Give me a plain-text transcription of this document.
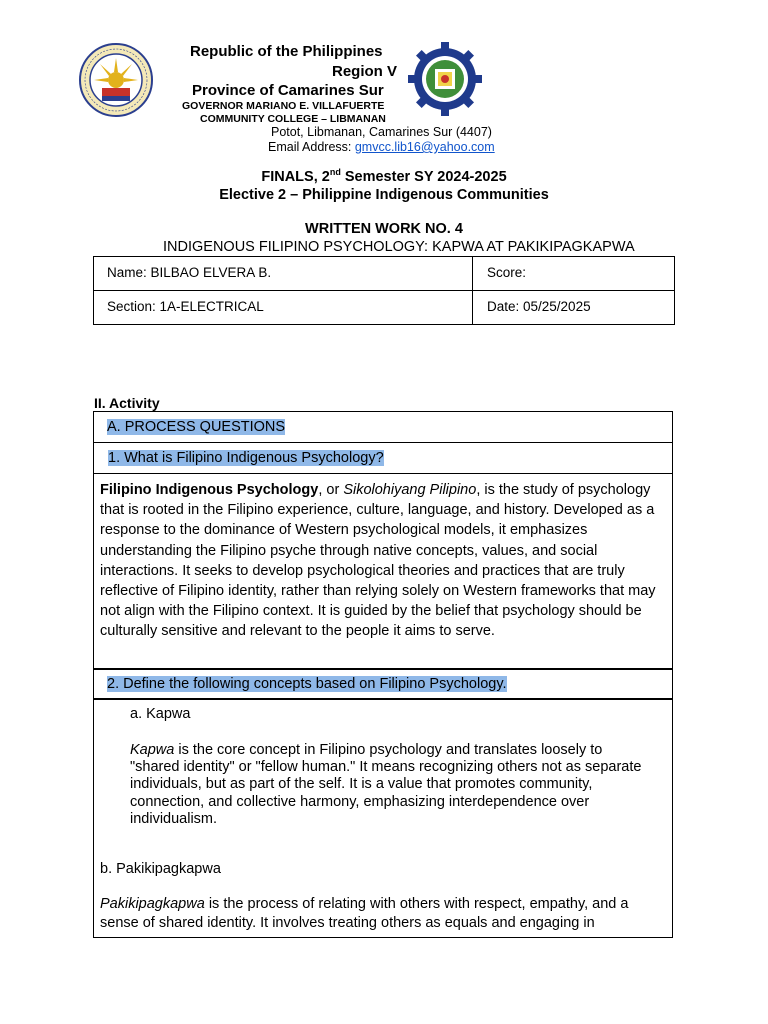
Republic of the Philippines
Region V
Province of Camarines Sur
GOVERNOR MARIANO E. VILLAFUERTE
COMMUNITY COLLEGE – LIBMANAN
Potot, Libmanan, Camarines Sur (4407)
Email Address: gmvcc.lib16@yahoo.com
FINALS, 2nd Semester SY 2024-2025
Elective 2 – Philippine Indigenous Communities
WRITTEN WORK NO. 4
INDIGENOUS FILIPINO PSYCHOLOGY: KAPWA AT PAKIKIPAGKAPWA
Name: BILBAO ELVERA B.	Score:
Section: 1A-ELECTRICAL	Date: 05/25/2025
II. Activity
A. PROCESS QUESTIONS
1. What is Filipino Indigenous Psychology?
Filipino Indigenous Psychology, or Sikolohiyang Pilipino, is the study of psychology that is rooted in the Filipino experience, culture, language, and history. Developed as a response to the dominance of Western psychological models, it emphasizes understanding the Filipino psyche through native concepts, values, and social interactions. It seeks to develop psychological theories and practices that are truly reflective of Filipino identity, rather than relying solely on Western frameworks that may not align with the Filipino context. It is guided by the belief that psychology should be culturally sensitive and relevant to the people it aims to serve.
2. Define the following concepts based on Filipino Psychology.
a. Kapwa
Kapwa is the core concept in Filipino psychology and translates loosely to "shared identity" or "fellow human." It means recognizing others not as separate individuals, but as part of the self. It is a value that promotes community, connection, and collective harmony, emphasizing interdependence over individualism.
b. Pakikipagkapwa
Pakikipagkapwa is the process of relating with others with respect, empathy, and a sense of shared identity. It involves treating others as equals and engaging in
